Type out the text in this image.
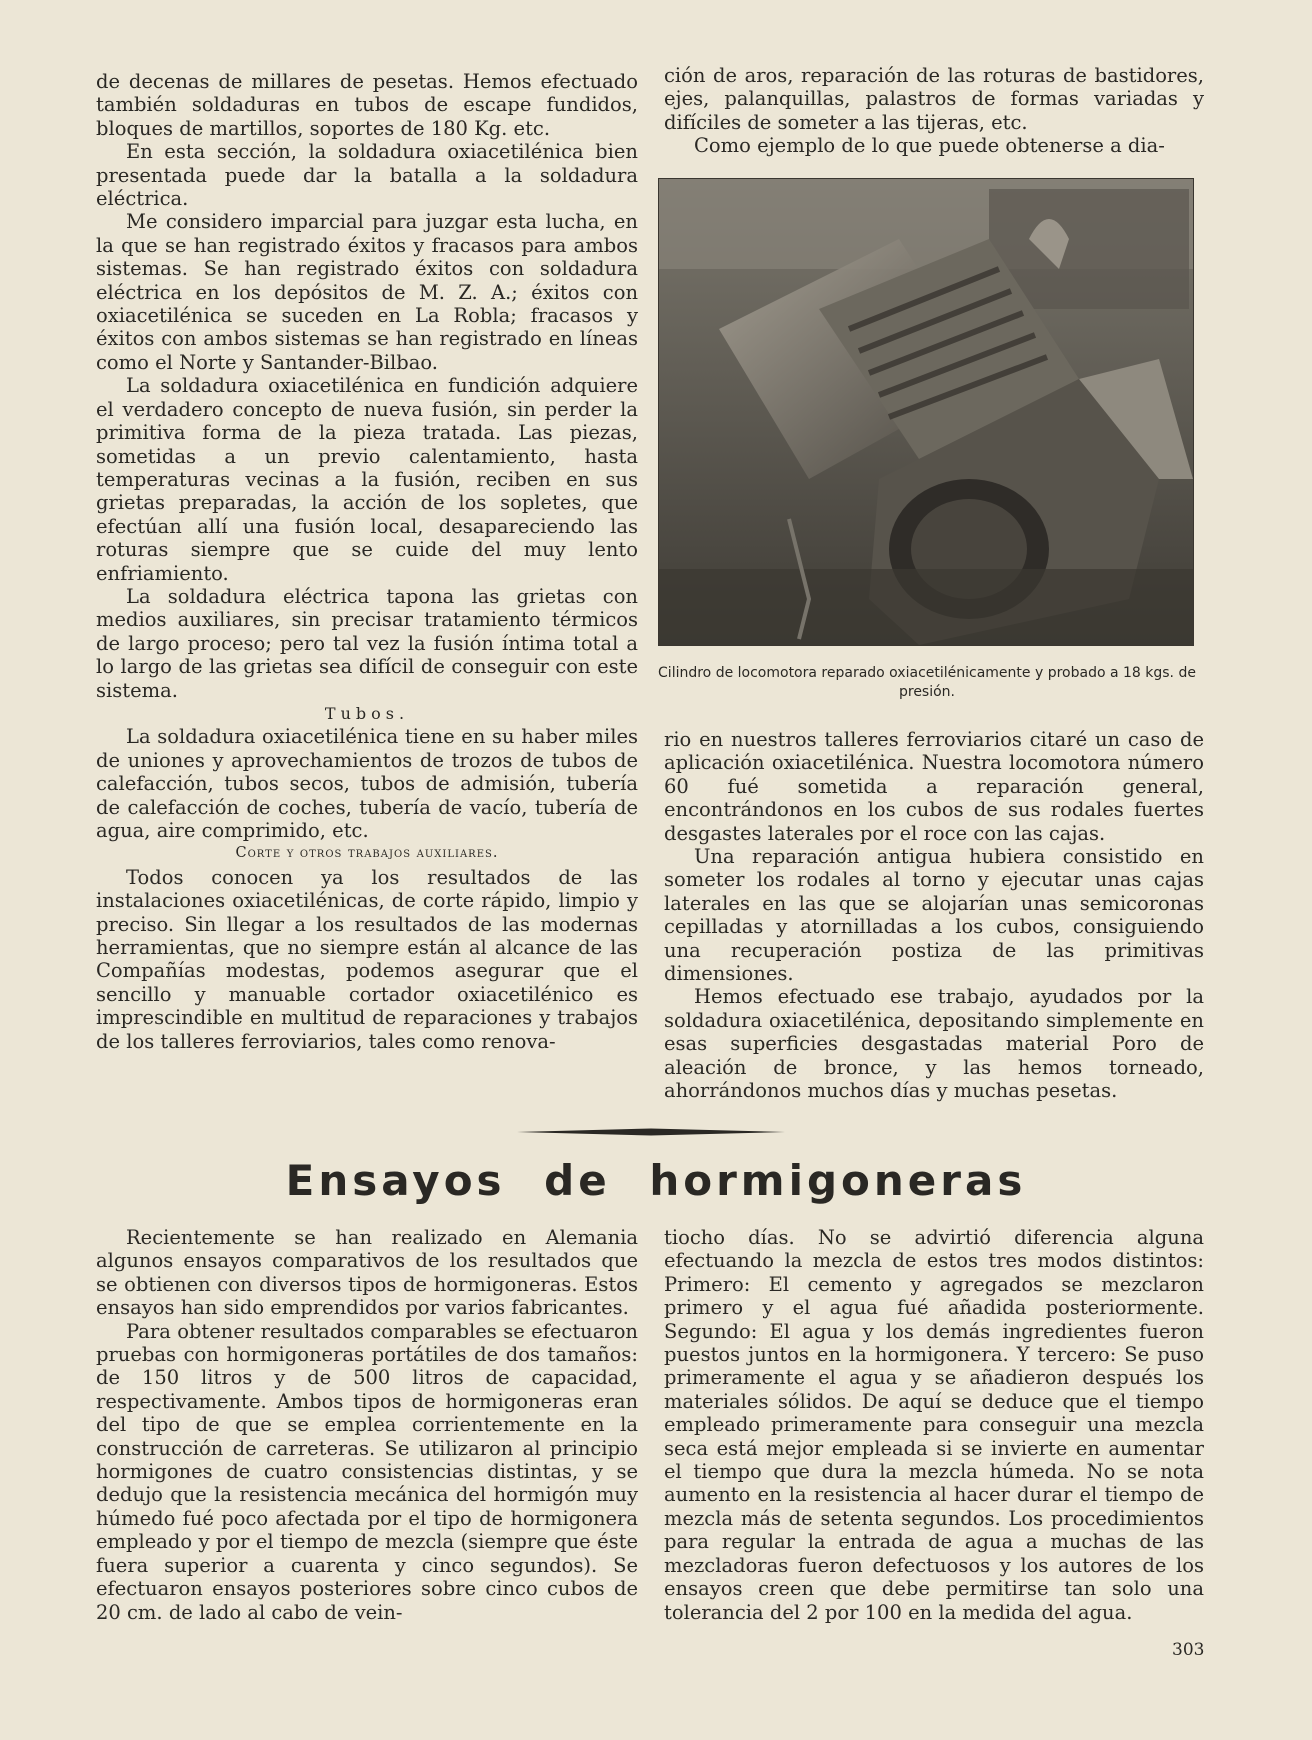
de decenas de millares de pesetas. Hemos efectuado también soldaduras en tubos de escape fundidos, bloques de martillos, soportes de 180 Kg. etc.

En esta sección, la soldadura oxiacetilénica bien presentada puede dar la batalla a la soldadura eléctrica.

Me considero imparcial para juzgar esta lucha, en la que se han registrado éxitos y fracasos para ambos sistemas. Se han registrado éxitos con soldadura eléctrica en los depósitos de M. Z. A.; éxitos con oxiacetilénica se suceden en La Robla; fracasos y éxitos con ambos sistemas se han registrado en líneas como el Norte y Santander-Bilbao.

La soldadura oxiacetilénica en fundición adquiere el verdadero concepto de nueva fusión, sin perder la primitiva forma de la pieza tratada. Las piezas, sometidas a un previo calentamiento, hasta temperaturas vecinas a la fusión, reciben en sus grietas preparadas, la acción de los sopletes, que efectúan allí una fusión local, desapareciendo las roturas siempre que se cuide del muy lento enfriamiento.

La soldadura eléctrica tapona las grietas con medios auxiliares, sin precisar tratamiento térmicos de largo proceso; pero tal vez la fusión íntima total a lo largo de las grietas sea difícil de conseguir con este sistema.

Tubos.

La soldadura oxiacetilénica tiene en su haber miles de uniones y aprovechamientos de trozos de tubos de calefacción, tubos secos, tubos de admisión, tubería de calefacción de coches, tubería de vacío, tubería de agua, aire comprimido, etc.

Corte y otros trabajos auxiliares.

Todos conocen ya los resultados de las instalaciones oxiacetilénicas, de corte rápido, limpio y preciso. Sin llegar a los resultados de las modernas herramientas, que no siempre están al alcance de las Compañías modestas, podemos asegurar que el sencillo y manuable cortador oxiacetilénico es imprescindible en multitud de reparaciones y trabajos de los talleres ferroviarios, tales como renova-

ción de aros, reparación de las roturas de bastidores, ejes, palanquillas, palastros de formas variadas y difíciles de someter a las tijeras, etc.

Como ejemplo de lo que puede obtenerse a dia-

Cilindro de locomotora reparado oxiacetilénicamente y probado a 18 kgs. de presión.

rio en nuestros talleres ferroviarios citaré un caso de aplicación oxiacetilénica. Nuestra locomotora número 60 fué sometida a reparación general, encontrándonos en los cubos de sus rodales fuertes desgastes laterales por el roce con las cajas.

Una reparación antigua hubiera consistido en someter los rodales al torno y ejecutar unas cajas laterales en las que se alojarían unas semicoronas cepilladas y atornilladas a los cubos, consiguiendo una recuperación postiza de las primitivas dimensiones.

Hemos efectuado ese trabajo, ayudados por la soldadura oxiacetilénica, depositando simplemente en esas superficies desgastadas material Poro de aleación de bronce, y las hemos torneado, ahorrándonos muchos días y muchas pesetas.

Ensayos de hormigoneras

Recientemente se han realizado en Alemania algunos ensayos comparativos de los resultados que se obtienen con diversos tipos de hormigoneras. Estos ensayos han sido emprendidos por varios fabricantes.

Para obtener resultados comparables se efectuaron pruebas con hormigoneras portátiles de dos tamaños: de 150 litros y de 500 litros de capacidad, respectivamente. Ambos tipos de hormigoneras eran del tipo de que se emplea corrientemente en la construcción de carreteras. Se utilizaron al principio hormigones de cuatro consistencias distintas, y se dedujo que la resistencia mecánica del hormigón muy húmedo fué poco afectada por el tipo de hormigonera empleado y por el tiempo de mezcla (siempre que éste fuera superior a cuarenta y cinco segundos). Se efectuaron ensayos posteriores sobre cinco cubos de 20 cm. de lado al cabo de vein-

tiocho días. No se advirtió diferencia alguna efectuando la mezcla de estos tres modos distintos: Primero: El cemento y agregados se mezclaron primero y el agua fué añadida posteriormente. Segundo: El agua y los demás ingredientes fueron puestos juntos en la hormigonera. Y tercero: Se puso primeramente el agua y se añadieron después los materiales sólidos. De aquí se deduce que el tiempo empleado primeramente para conseguir una mezcla seca está mejor empleada si se invierte en aumentar el tiempo que dura la mezcla húmeda. No se nota aumento en la resistencia al hacer durar el tiempo de mezcla más de setenta segundos. Los procedimientos para regular la entrada de agua a muchas de las mezcladoras fueron defectuosos y los autores de los ensayos creen que debe permitirse tan solo una tolerancia del 2 por 100 en la medida del agua.

303
